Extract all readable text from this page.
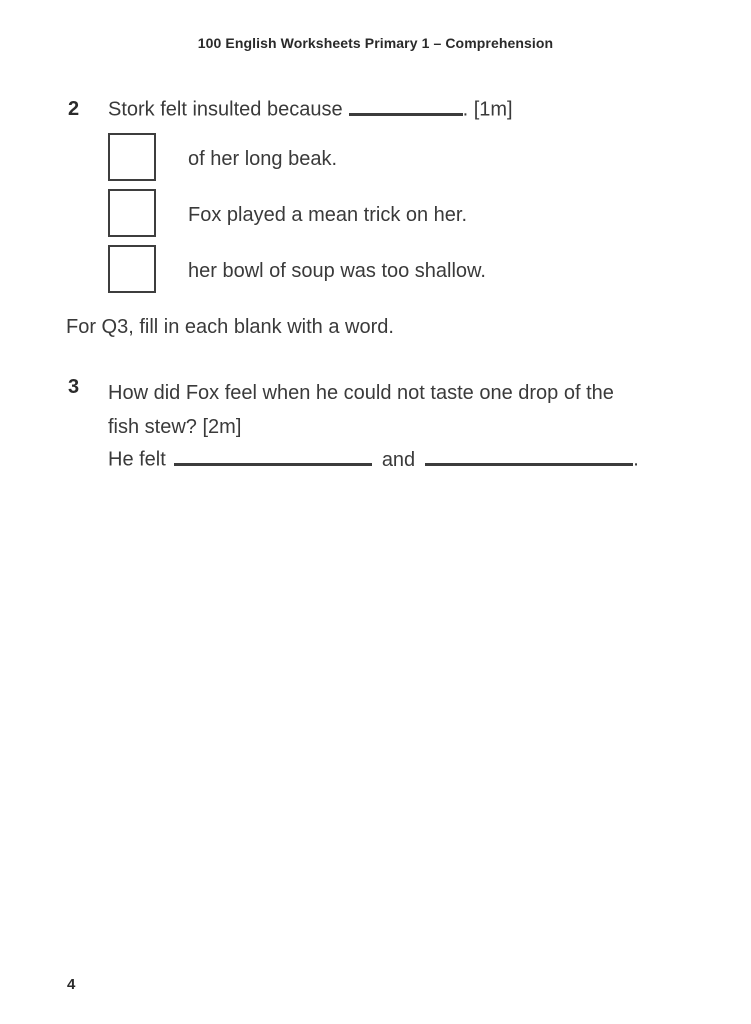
100 English Worksheets Primary 1 – Comprehension
2	Stork felt insulted because	. [1m]
of her long beak.
Fox played a mean trick on her.
her bowl of soup was too shallow.
For Q3, fill in each blank with a word.
3	How did Fox feel when he could not taste one drop of the
fish stew? [2m]
He felt	and	.
4
